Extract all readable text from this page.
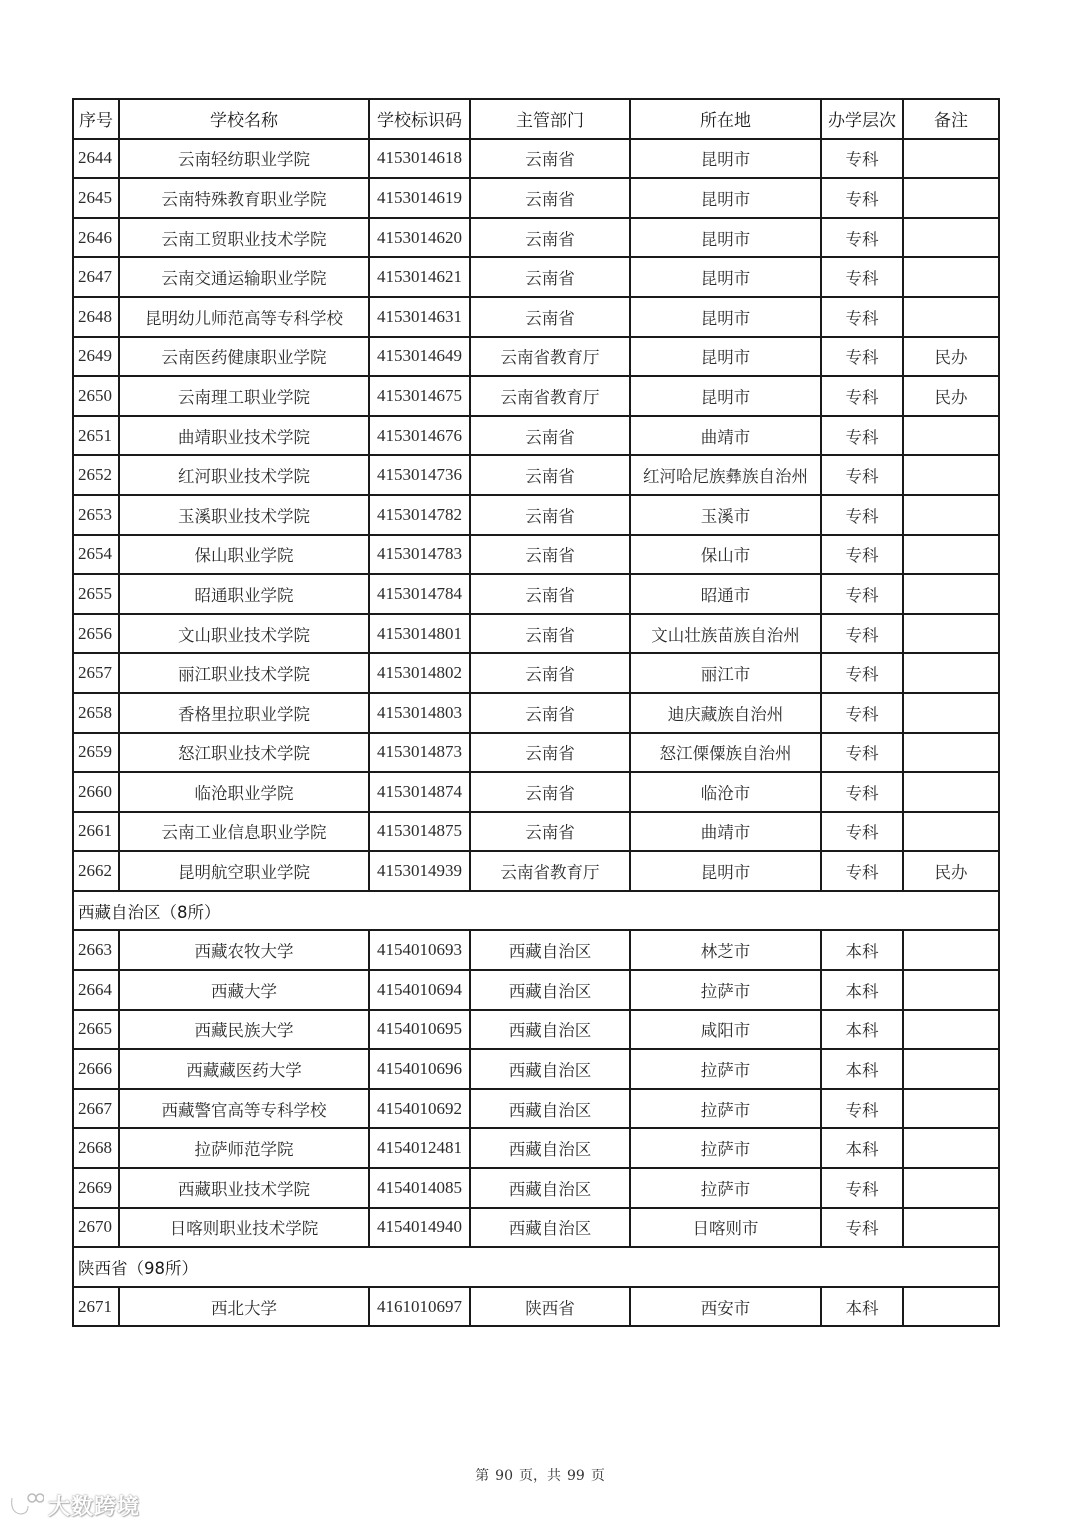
序号	学校名称	学校标识码	主管部门	所在地	办学层次	备注
2644	云南轻纺职业学院	4153014618	云南省	昆明市	专科	
2645	云南特殊教育职业学院	4153014619	云南省	昆明市	专科	
2646	云南工贸职业技术学院	4153014620	云南省	昆明市	专科	
2647	云南交通运输职业学院	4153014621	云南省	昆明市	专科	
2648	昆明幼儿师范高等专科学校	4153014631	云南省	昆明市	专科	
2649	云南医药健康职业学院	4153014649	云南省教育厅	昆明市	专科	民办
2650	云南理工职业学院	4153014675	云南省教育厅	昆明市	专科	民办
2651	曲靖职业技术学院	4153014676	云南省	曲靖市	专科	
2652	红河职业技术学院	4153014736	云南省	红河哈尼族彝族自治州	专科	
2653	玉溪职业技术学院	4153014782	云南省	玉溪市	专科	
2654	保山职业学院	4153014783	云南省	保山市	专科	
2655	昭通职业学院	4153014784	云南省	昭通市	专科	
2656	文山职业技术学院	4153014801	云南省	文山壮族苗族自治州	专科	
2657	丽江职业技术学院	4153014802	云南省	丽江市	专科	
2658	香格里拉职业学院	4153014803	云南省	迪庆藏族自治州	专科	
2659	怒江职业技术学院	4153014873	云南省	怒江傈僳族自治州	专科	
2660	临沧职业学院	4153014874	云南省	临沧市	专科	
2661	云南工业信息职业学院	4153014875	云南省	曲靖市	专科	
2662	昆明航空职业学院	4153014939	云南省教育厅	昆明市	专科	民办
西藏自治区（8所）						
2663	西藏农牧大学	4154010693	西藏自治区	林芝市	本科	
2664	西藏大学	4154010694	西藏自治区	拉萨市	本科	
2665	西藏民族大学	4154010695	西藏自治区	咸阳市	本科	
2666	西藏藏医药大学	4154010696	西藏自治区	拉萨市	本科	
2667	西藏警官高等专科学校	4154010692	西藏自治区	拉萨市	专科	
2668	拉萨师范学院	4154012481	西藏自治区	拉萨市	本科	
2669	西藏职业技术学院	4154014085	西藏自治区	拉萨市	专科	
2670	日喀则职业技术学院	4154014940	西藏自治区	日喀则市	专科	
陕西省（98所）						
2671	西北大学	4161010697	陕西省	西安市	本科	
第 90 页，共 99 页
大数跨境
